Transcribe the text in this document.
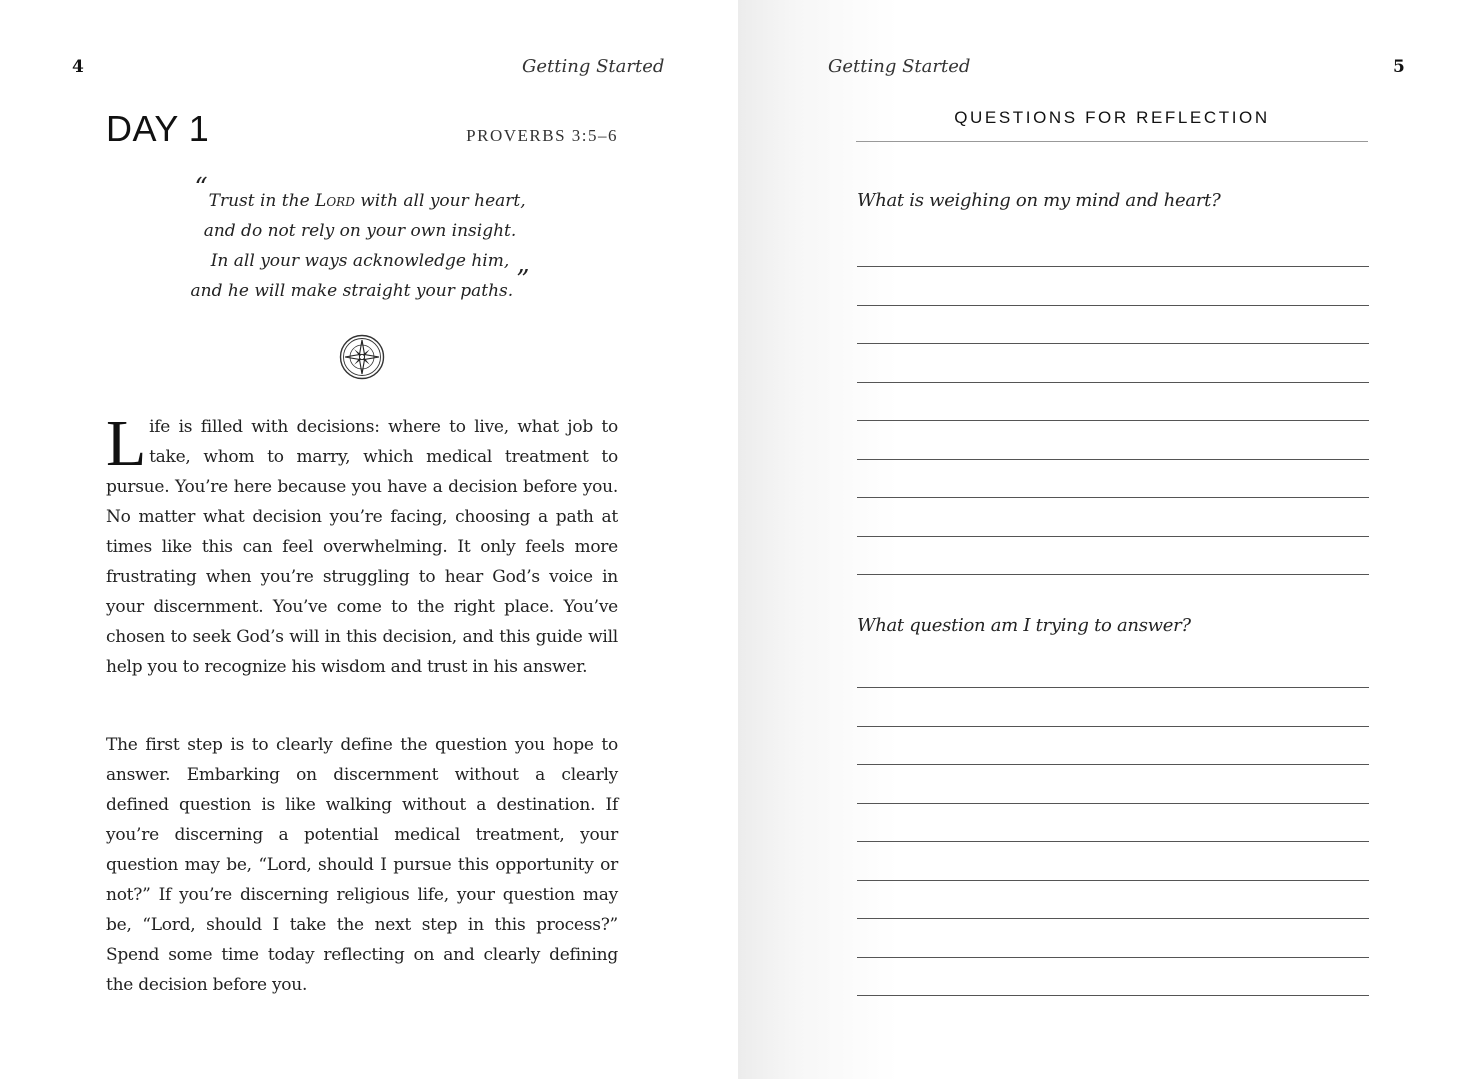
4	Getting Started
DAY 1	PROVERBS 3:5–6
“Trust in the Lord with all your heart,
and do not rely on your own insight.
In all your ways acknowledge him,
and he will make straight your paths. ”

Life is filled with decisions: where to live, what job to take, whom to marry, which medical treatment to pursue. You’re here because you have a decision before you. No matter what decision you’re facing, choosing a path at times like this can feel overwhelming. It only feels more frustrating when you’re struggling to hear God’s voice in your discernment. You’ve come to the right place. You’ve chosen to seek God’s will in this decision, and this guide will help you to recognize his wisdom and trust in his answer.

The first step is to clearly define the question you hope to answer. Embarking on discernment without a clearly defined question is like walking without a destination. If you’re discerning a potential medical treatment, your question may be, “Lord, should I pursue this opportunity or not?” If you’re discerning religious life, your question may be, “Lord, should I take the next step in this process?” Spend some time today reflecting on and clearly defining the decision before you.

Getting Started	5
QUESTIONS FOR REFLECTION
What is weighing on my mind and heart?
What question am I trying to answer?
